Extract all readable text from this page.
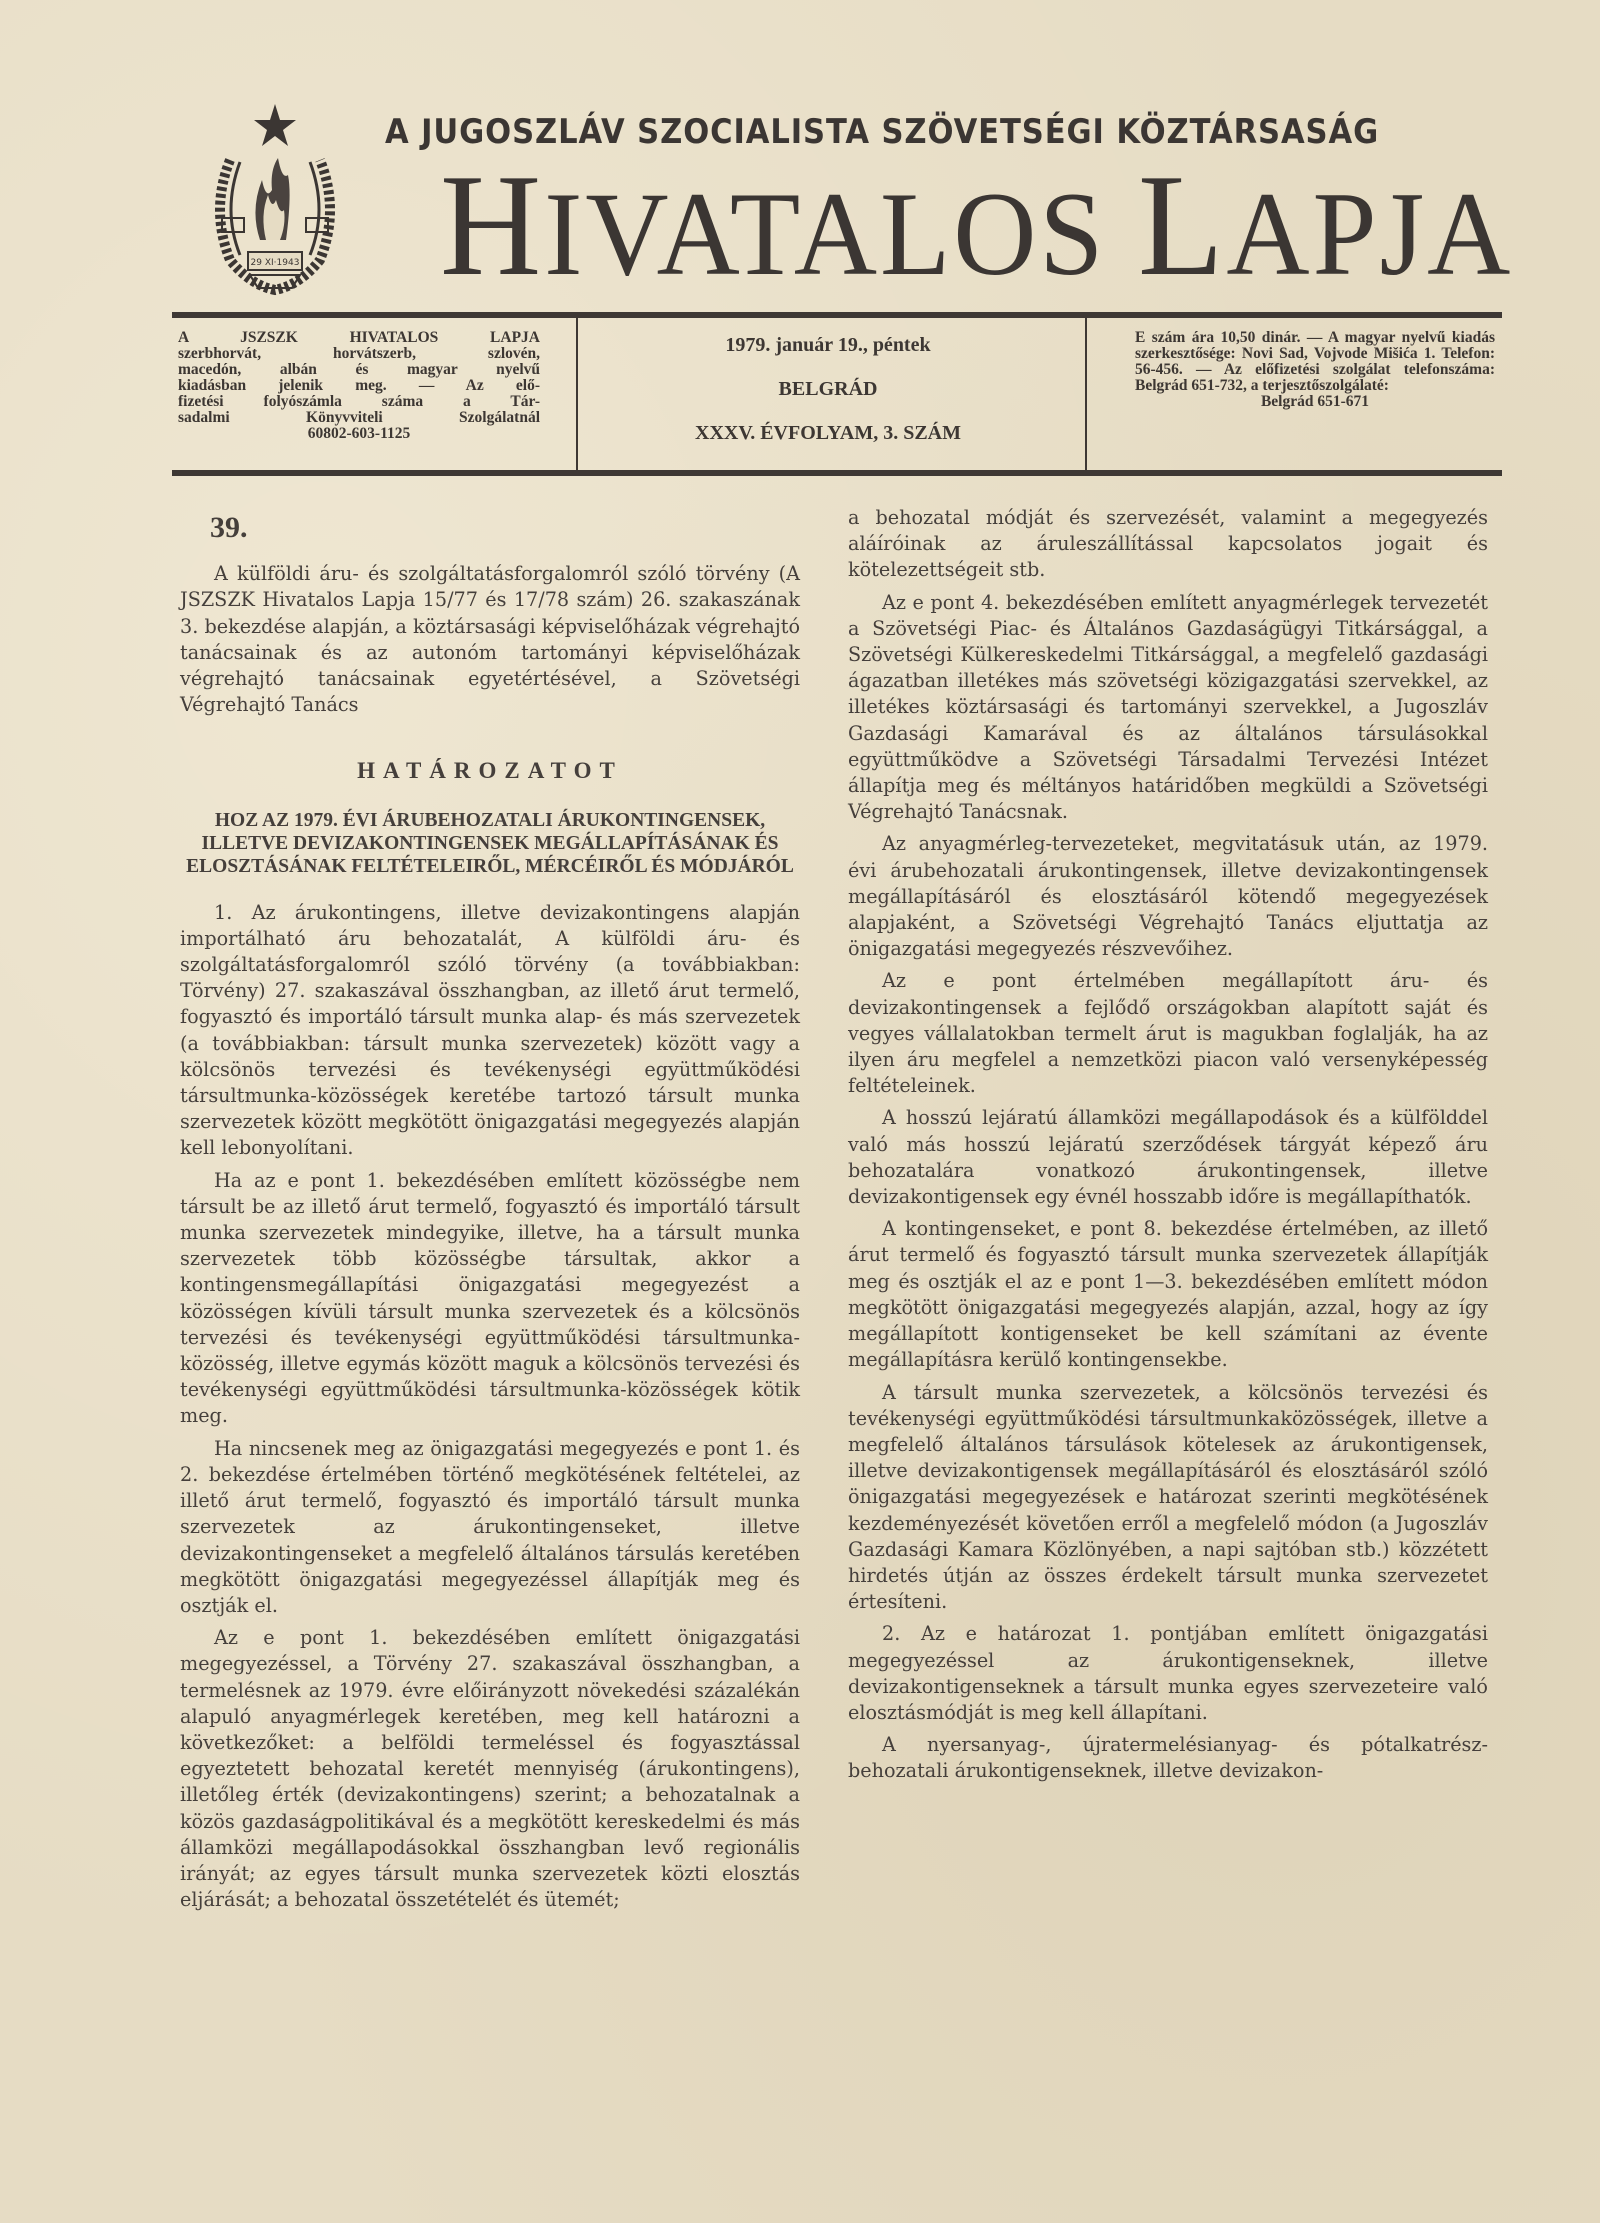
29 XI·1943
A JUGOSZLÁV SZOCIALISTA SZÖVETSÉGI KÖZTÁRSASÁG
HIVATALOS LAPJA
A JSZSZK HIVATALOS LAPJA
szerbhorvát, horvátszerb, szlovén,
macedón, albán és magyar nyelvű
kiadásban jelenik meg. — Az elő-
fizetési folyószámla száma a Tár-
sadalmi Könyvviteli Szolgálatnál
60802-603-1125
1979. január 19., péntek
BELGRÁD
XXXV. ÉVFOLYAM, 3. SZÁM
E szám ára 10,50 dinár. — A magyar nyelvű kiadás szerkesztősége: Novi Sad, Vojvode Mišića 1. Telefon: 56-456. — Az előfizetési szolgálat telefonszáma: Belgrád 651-732, a terjesztőszolgálaté:
Belgrád 651-671
39.

A külföldi áru- és szolgáltatásforgalomról szóló törvény (A JSZSZK Hivatalos Lapja 15/77 és 17/78 szám) 26. szakaszának 3. bekezdése alapján, a köztársasági képviselőházak végrehajtó tanácsainak és az autonóm tartományi képviselőházak végrehajtó tanácsainak egyetértésével, a Szövetségi Végrehajtó Tanács

HATÁROZATOT
HOZ AZ 1979. ÉVI ÁRUBEHOZATALI ÁRUKONTINGENSEK, ILLETVE DEVIZAKONTINGENSEK MEGÁLLAPÍTÁSÁNAK ÉS ELOSZTÁSÁNAK FELTÉTELEIRŐL, MÉRCÉIRŐL ÉS MÓDJÁRÓL

1. Az árukontingens, illetve devizakontingens alapján importálható áru behozatalát, A külföldi áru- és szolgáltatásforgalomról szóló törvény (a továbbiakban: Törvény) 27. szakaszával összhangban, az illető árut termelő, fogyasztó és importáló társult munka alap- és más szervezetek (a továbbiakban: társult munka szervezetek) között vagy a kölcsönös tervezési és tevékenységi együttműködési társultmunka-közösségek keretébe tartozó társult munka szervezetek között megkötött önigazgatási megegyezés alapján kell lebonyolítani.

Ha az e pont 1. bekezdésében említett közösségbe nem társult be az illető árut termelő, fogyasztó és importáló társult munka szervezetek mindegyike, illetve, ha a társult munka szervezetek több közösségbe társultak, akkor a kontingensmegállapítási önigazgatási megegyezést a közösségen kívüli társult munka szervezetek és a kölcsönös tervezési és tevékenységi együttműködési társultmunka-közösség, illetve egymás között maguk a kölcsönös tervezési és tevékenységi együttműködési társultmunka-közösségek kötik meg.

Ha nincsenek meg az önigazgatási megegyezés e pont 1. és 2. bekezdése értelmében történő megkötésének feltételei, az illető árut termelő, fogyasztó és importáló társult munka szervezetek az árukontingenseket, illetve devizakontingenseket a megfelelő általános társulás keretében megkötött önigazgatási megegyezéssel állapítják meg és osztják el.

Az e pont 1. bekezdésében említett önigazgatási megegyezéssel, a Törvény 27. szakaszával összhangban, a termelésnek az 1979. évre előirányzott növekedési százalékán alapuló anyagmérlegek keretében, meg kell határozni a következőket: a belföldi termeléssel és fogyasztással egyeztetett behozatal keretét mennyiség (árukontingens), illetőleg érték (devizakontingens) szerint; a behozatalnak a közös gazdaságpolitikával és a megkötött kereskedelmi és más államközi megállapodásokkal összhangban levő regionális irányát; az egyes társult munka szervezetek közti elosztás eljárását; a behozatal összetételét és ütemét;

a behozatal módját és szervezését, valamint a megegyezés aláíróinak az áruleszállítással kapcsolatos jogait és kötelezettségeit stb.

Az e pont 4. bekezdésében említett anyagmérlegek tervezetét a Szövetségi Piac- és Általános Gazdaságügyi Titkársággal, a Szövetségi Külkereskedelmi Titkársággal, a megfelelő gazdasági ágazatban illetékes más szövetségi közigazgatási szervekkel, az illetékes köztársasági és tartományi szervekkel, a Jugoszláv Gazdasági Kamarával és az általános társulásokkal együttműködve a Szövetségi Társadalmi Tervezési Intézet állapítja meg és méltányos határidőben megküldi a Szövetségi Végrehajtó Tanácsnak.

Az anyagmérleg-tervezeteket, megvitatásuk után, az 1979. évi árubehozatali árukontingensek, illetve devizakontingensek megállapításáról és elosztásáról kötendő megegyezések alapjaként, a Szövetségi Végrehajtó Tanács eljuttatja az önigazgatási megegyezés részvevőihez.

Az e pont értelmében megállapított áru- és devizakontingensek a fejlődő országokban alapított saját és vegyes vállalatokban termelt árut is magukban foglalják, ha az ilyen áru megfelel a nemzetközi piacon való versenyképesség feltételeinek.

A hosszú lejáratú államközi megállapodások és a külfölddel való más hosszú lejáratú szerződések tárgyát képező áru behozatalára vonatkozó árukontingensek, illetve devizakontigensek egy évnél hosszabb időre is megállapíthatók.

A kontingenseket, e pont 8. bekezdése értelmében, az illető árut termelő és fogyasztó társult munka szervezetek állapítják meg és osztják el az e pont 1—3. bekezdésében említett módon megkötött önigazgatási megegyezés alapján, azzal, hogy az így megállapított kontigenseket be kell számítani az évente megállapításra kerülő kontingensekbe.

A társult munka szervezetek, a kölcsönös tervezési és tevékenységi együttműködési társultmunkaközösségek, illetve a megfelelő általános társulások kötelesek az árukontigensek, illetve devizakontigensek megállapításáról és elosztásáról szóló önigazgatási megegyezések e határozat szerinti megkötésének kezdeményezését követően erről a megfelelő módon (a Jugoszláv Gazdasági Kamara Közlönyében, a napi sajtóban stb.) közzétett hirdetés útján az összes érdekelt társult munka szervezetet értesíteni.

2. Az e határozat 1. pontjában említett önigazgatási megegyezéssel az árukontigenseknek, illetve devizakontigenseknek a társult munka egyes szervezeteire való elosztásmódját is meg kell állapítani.

A nyersanyag-, újratermelésianyag- és pótalkatrész-behozatali árukontigenseknek, illetve devizakon-
